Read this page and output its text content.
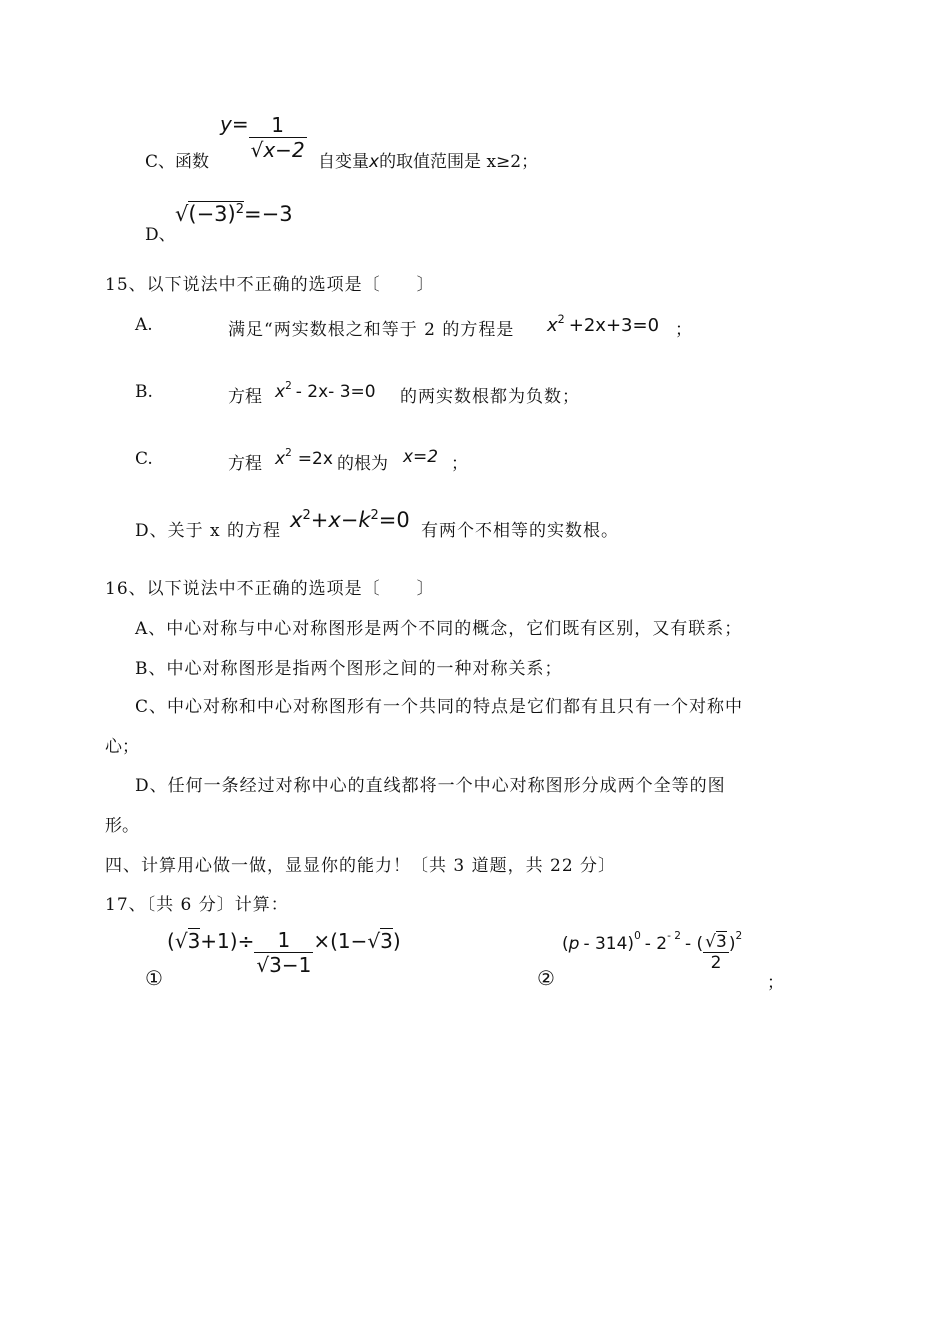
C、函数
$y= \frac{1}{√x-2}$ 自变量x的取值范围是 x≥2；
D、
$√(-3)^2=-3$
15、以下说法中不正确的选项是〔　　〕
A.	满足“两实数根之和等于 2 的方程是 $x^2 +2x+3=0$ ；
B.	方程 $x^2 - 2x-$ 3=0 的两实数根都为负数；
C.	方程 $x^2 =2x$ 的根为 x=2 ；
D、关于 x 的方程 $x^2+x-k^2=0$ 有两个不相等的实数根。
16、以下说法中不正确的选项是〔　　〕
A、中心对称与中心对称图形是两个不同的概念，它们既有区别，又有联系；
B、中心对称图形是指两个图形之间的一种对称关系；
C、中心对称和中心对称图形有一个共同的特点是它们都有且只有一个对称中
心；
D、任何一条经过对称中心的直线都将一个中心对称图形分成两个全等的图
形。
四、计算用心做一做，显显你的能力！〔共 3 道题，共 22 分〕
17、〔共 6 分〕计算：
①
$(√3+1)\div \frac{1}{√3-1} \times(1-√3)$
②
$(p - 314)^0 - 2^{- 2}$ - ( $\frac{√3}{2} )^2$
；
